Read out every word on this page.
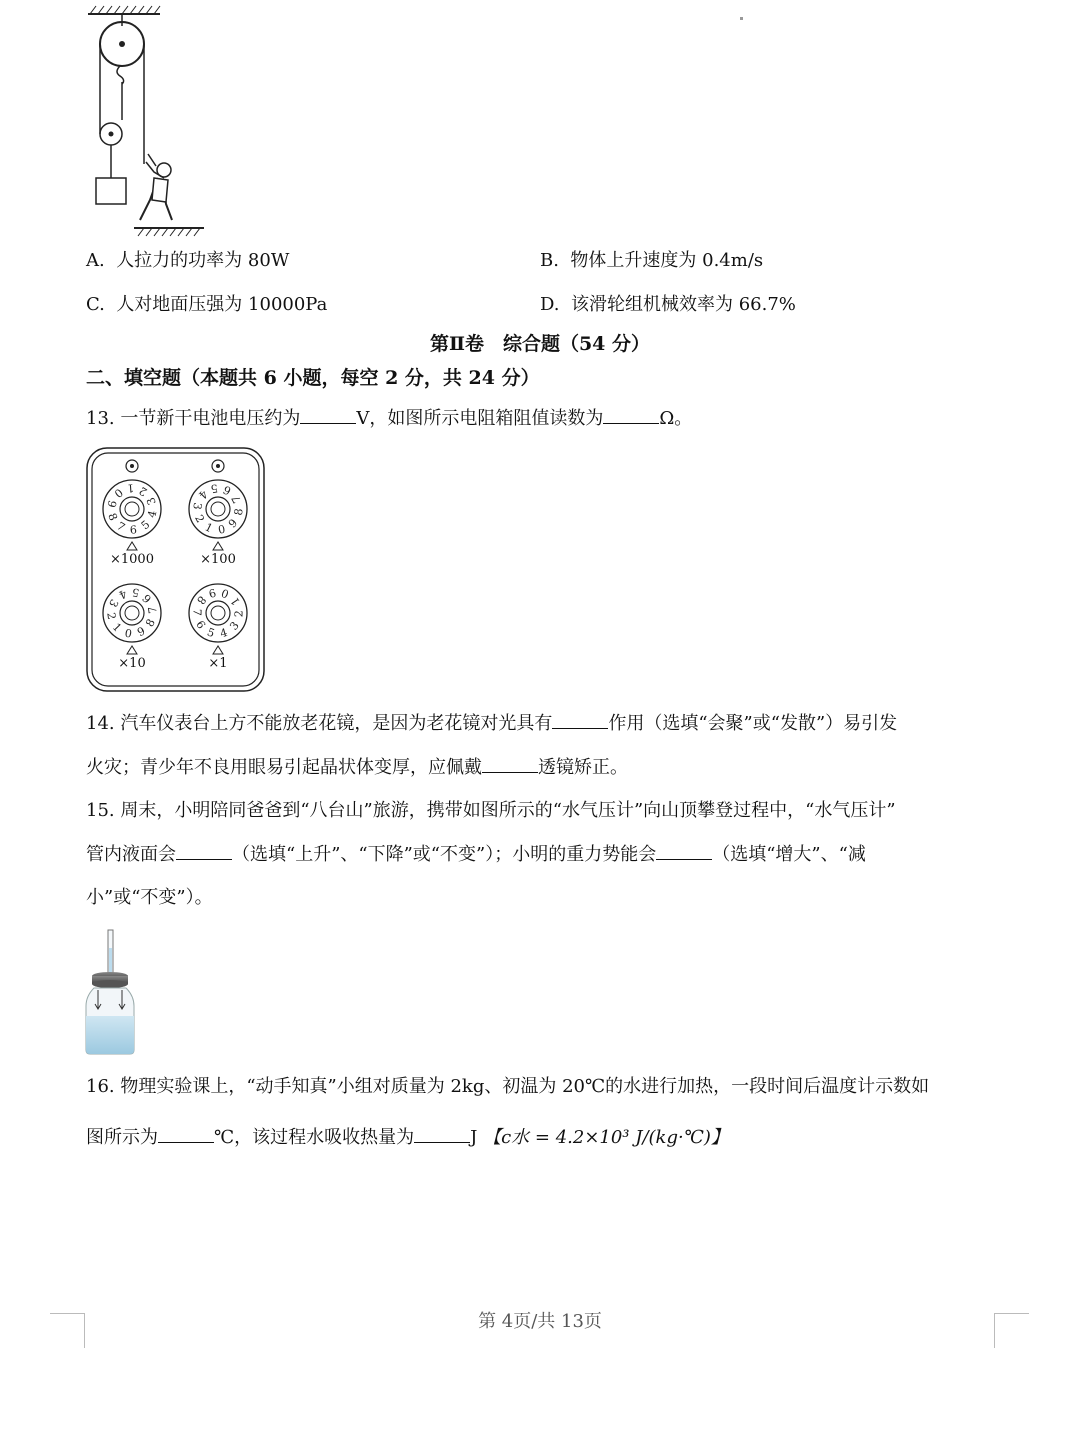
A. 人拉力的功率为 80W	B. 物体上升速度为 0.4m/s
C. 人对地面压强为 10000Pa	D. 该滑轮组机械效率为 66.7%
第Ⅱ卷　综合题（54 分）
二、填空题（本题共 6 小题，每空 2 分，共 24 分）
13. 一节新干电池电压约为	V，如图所示电阻箱阻值读数为	Ω。
0 1 2
3
4
5
6
7
8
9
×1000
0
1
2
3
4 5 6
7
8
9
×100
0
1
2
3
4 5 6
7
8
9
×10
0
1
2
3
4
5
6
7
8
9
×1
14. 汽车仪表台上方不能放老花镜，是因为老花镜对光具有	作用（选填“会聚”或“发散”）易引发
火灾；青少年不良用眼易引起晶状体变厚，应佩戴	透镜矫正。
15. 周末，小明陪同爸爸到“八台山”旅游，携带如图所示的“水气压计”向山顶攀登过程中，“水气压计”
管内液面会	（选填“上升”、“下降”或“不变”）；小明的重力势能会	（选填“增大”、“减
小”或“不变”）。
16. 物理实验课上，“动手知真”小组对质量为 2kg、初温为 20℃的水进行加热，一段时间后温度计示数如
图所示为	℃，该过程水吸收热量为	J 【c水 = 4.2×10³ J/(kg·℃)】
第 4页/共 13页
